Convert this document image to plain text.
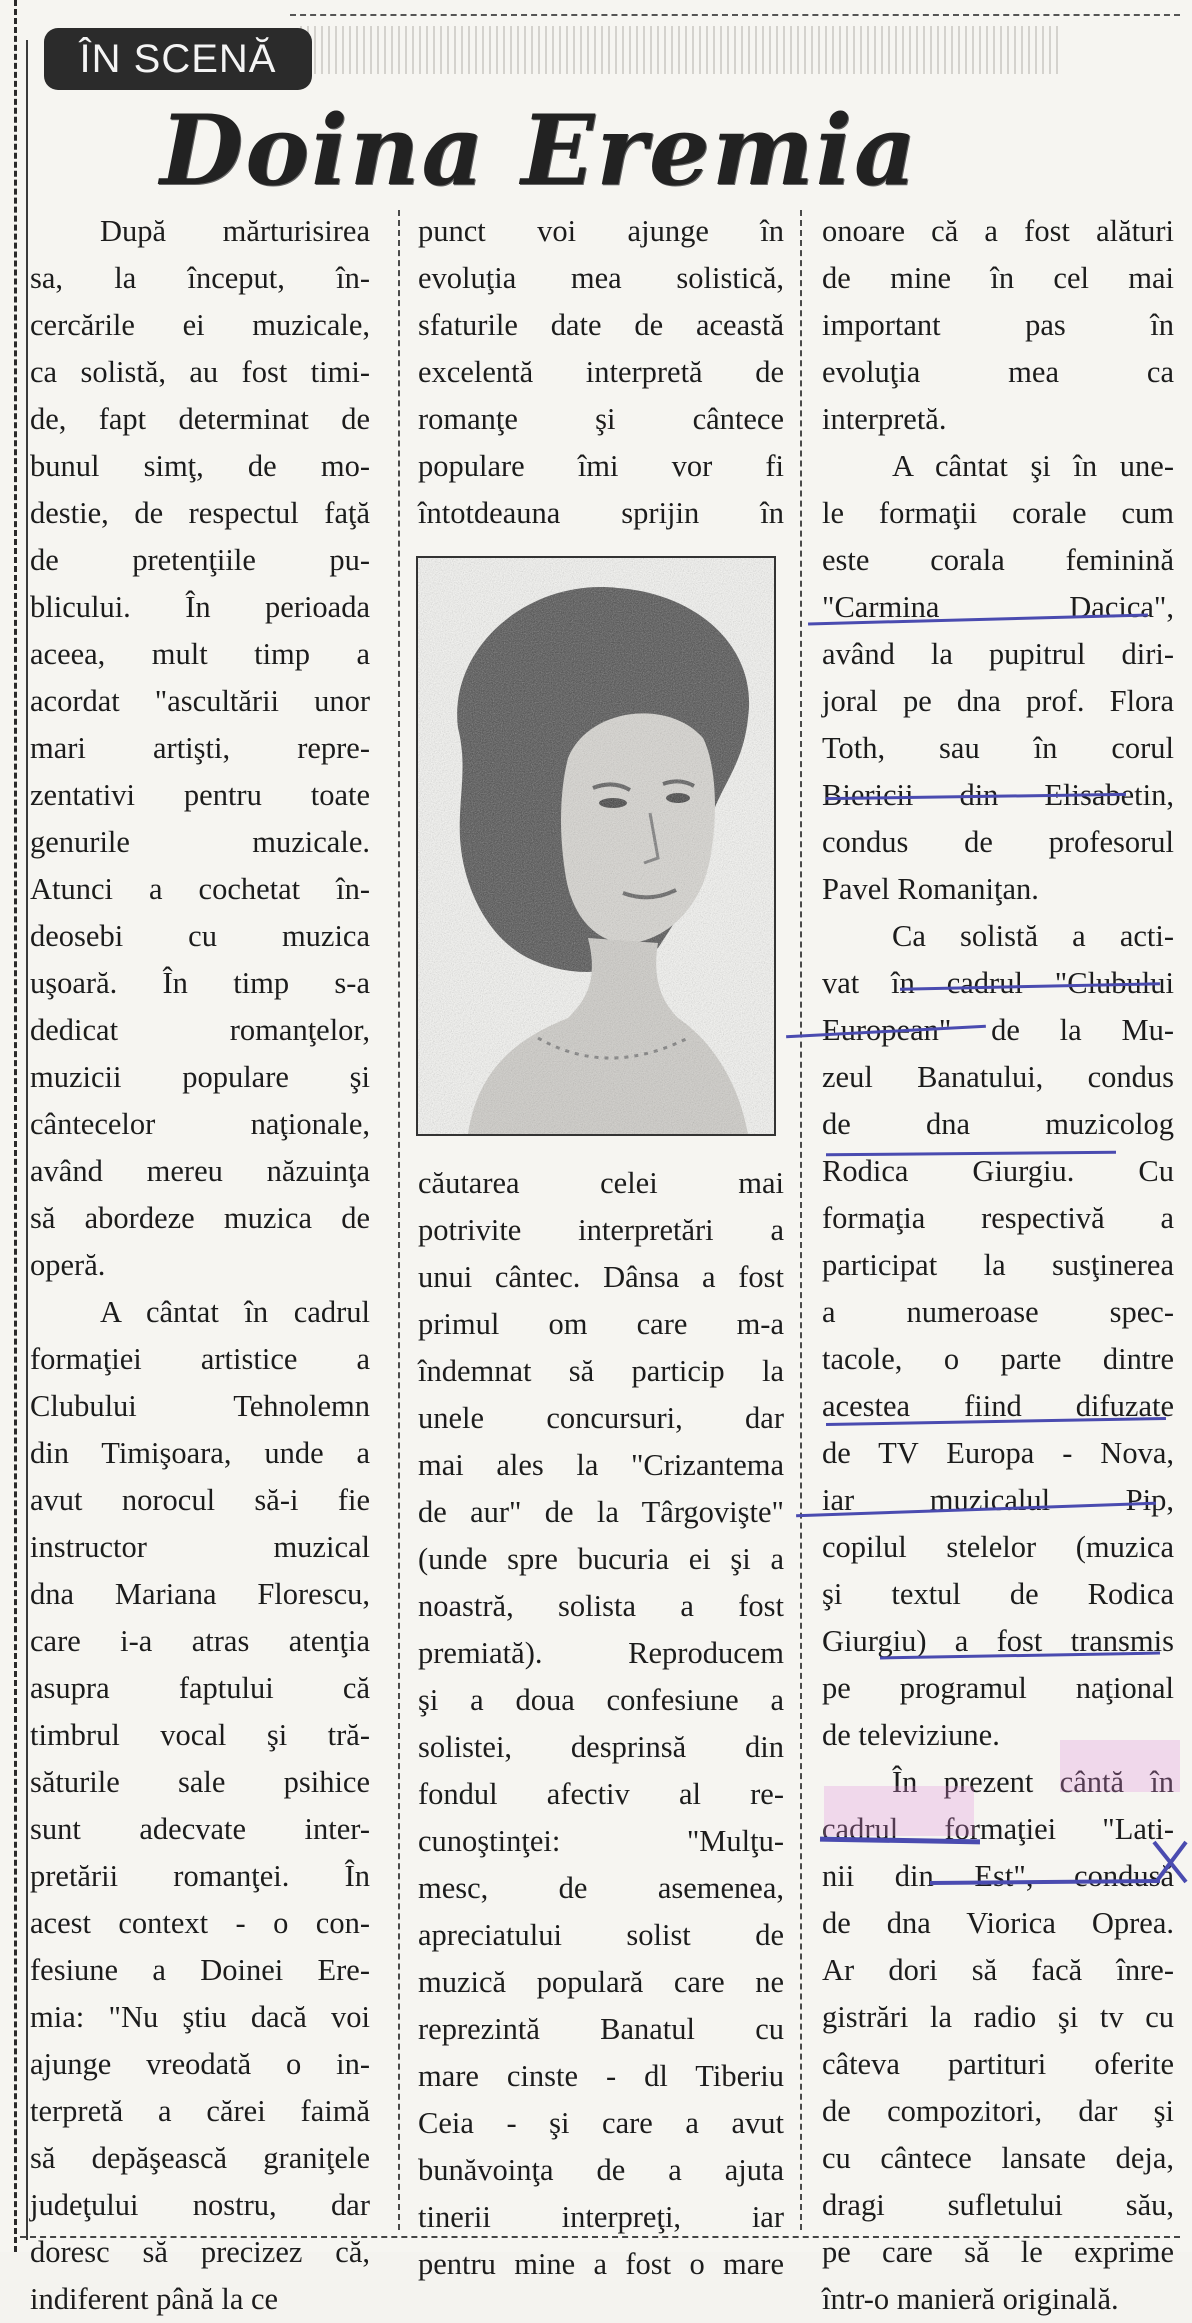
ÎN SCENĂ
Doina Eremia
După mărturisirea
sa, la început, în-
cercările ei muzicale,
ca solistă, au fost timi-
de, fapt determinat de
bunul simţ, de mo-
destie, de respectul faţă
de pretenţiile pu-
blicului. În perioada
aceea, mult timp a
acordat "ascultării unor
mari artişti, repre-
zentativi pentru toate
genurile muzicale.
Atunci a cochetat în-
deosebi cu muzica
uşoară. În timp s-a
dedicat romanţelor,
muzicii populare şi
cântecelor naţionale,
având mereu năzuinţa
să abordeze muzica de
operă.
A cântat în cadrul
formaţiei artistice a
Clubului Tehnolemn
din Timişoara, unde a
avut norocul să-i fie
instructor muzical
dna Mariana Florescu,
care i-a atras atenţia
asupra faptului că
timbrul vocal şi tră-
săturile sale psihice
sunt adecvate inter-
pretării romanţei. În
acest context - o con-
fesiune a Doinei Ere-
mia: "Nu ştiu dacă voi
ajunge vreodată o in-
terpretă a cărei faimă
să depăşească graniţele
judeţului nostru, dar
doresc să precizez că,
indiferent până la ce
punct voi ajunge în
evoluţia mea solistică,
sfaturile date de această
excelentă interpretă de
romanţe şi cântece
populare îmi vor fi
întotdeauna sprijin în
căutarea celei mai
potrivite interpretări a
unui cântec. Dânsa a fost
primul om care m-a
îndemnat să particip la
unele concursuri, dar
mai ales la "Crizantema
de aur" de la Târgovişte"
(unde spre bucuria ei şi a
noastră, solista a fost
premiată). Reproducem
şi a doua confesiune a
solistei, desprinsă din
fondul afectiv al re-
cunoştinţei: "Mulţu-
mesc, de asemenea,
apreciatului solist de
muzică populară care ne
reprezintă Banatul cu
mare cinste - dl Tiberiu
Ceia - şi care a avut
bunăvoinţa de a ajuta
tinerii interpreţi, iar
pentru mine a fost o mare
onoare că a fost alături
de mine în cel mai
important pas în
evoluţia mea ca
interpretă.
A cântat şi în une-
le formaţii corale cum
este corala feminină
"Carmina Dacica",
având la pupitrul diri-
joral pe dna prof. Flora
Toth, sau în corul
Biericii din Elisabetin,
condus de profesorul
Pavel Romaniţan.
Ca solistă a acti-
vat în cadrul "Clubului
European" de la Mu-
zeul Banatului, condus
de dna muzicolog
Rodica Giurgiu. Cu
formaţia respectivă a
participat la susţinerea
a numeroase spec-
tacole, o parte dintre
acestea fiind difuzate
de TV Europa - Nova,
iar muzicalul Pip,
copilul stelelor (muzica
şi textul de Rodica
Giurgiu) a fost transmis
pe programul naţional
de televiziune.
În prezent cântă în
cadrul formaţiei "Lati-
nii din Est", condusă
de dna Viorica Oprea.
Ar dori să facă înre-
gistrări la radio şi tv cu
câteva partituri oferite
de compozitori, dar şi
cu cântece lansate deja,
dragi sufletului său,
pe care să le exprime
într-o manieră originală.
